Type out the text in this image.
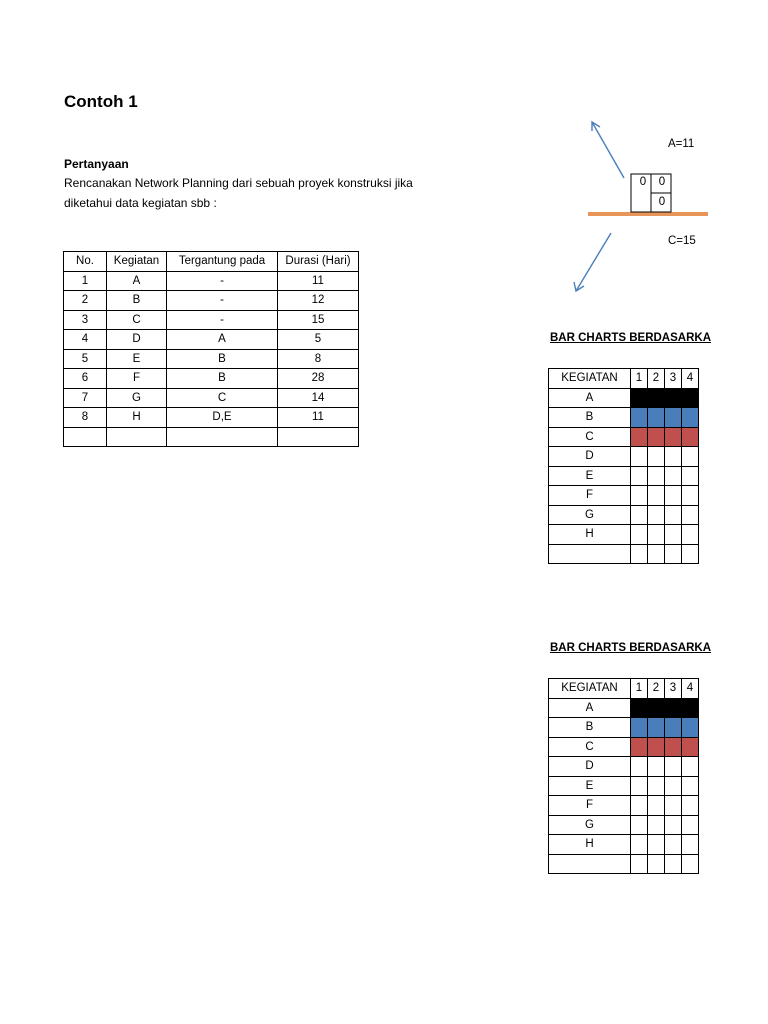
Contoh 1
Pertanyaan
Rencanakan Network Planning dari sebuah proyek konstruksi jika
diketahui data kegiatan sbb :
No.	Kegiatan	Tergantung pada	Durasi (Hari)
1	A	-	11
2	B	-	12
3	C	-	15
4	D	A	5
5	E	B	8
6	F	B	28
7	G	C	14
8	H	D,E	11

0	0
0
A=11
C=15
BAR CHARTS BERDASARKA
KEGIATAN	1	2	3	4
A				
B				
C				
D				
E				
F				
G				
H				

BAR CHARTS BERDASARKA
KEGIATAN	1	2	3	4
A				
B				
C				
D				
E				
F				
G				
H				
